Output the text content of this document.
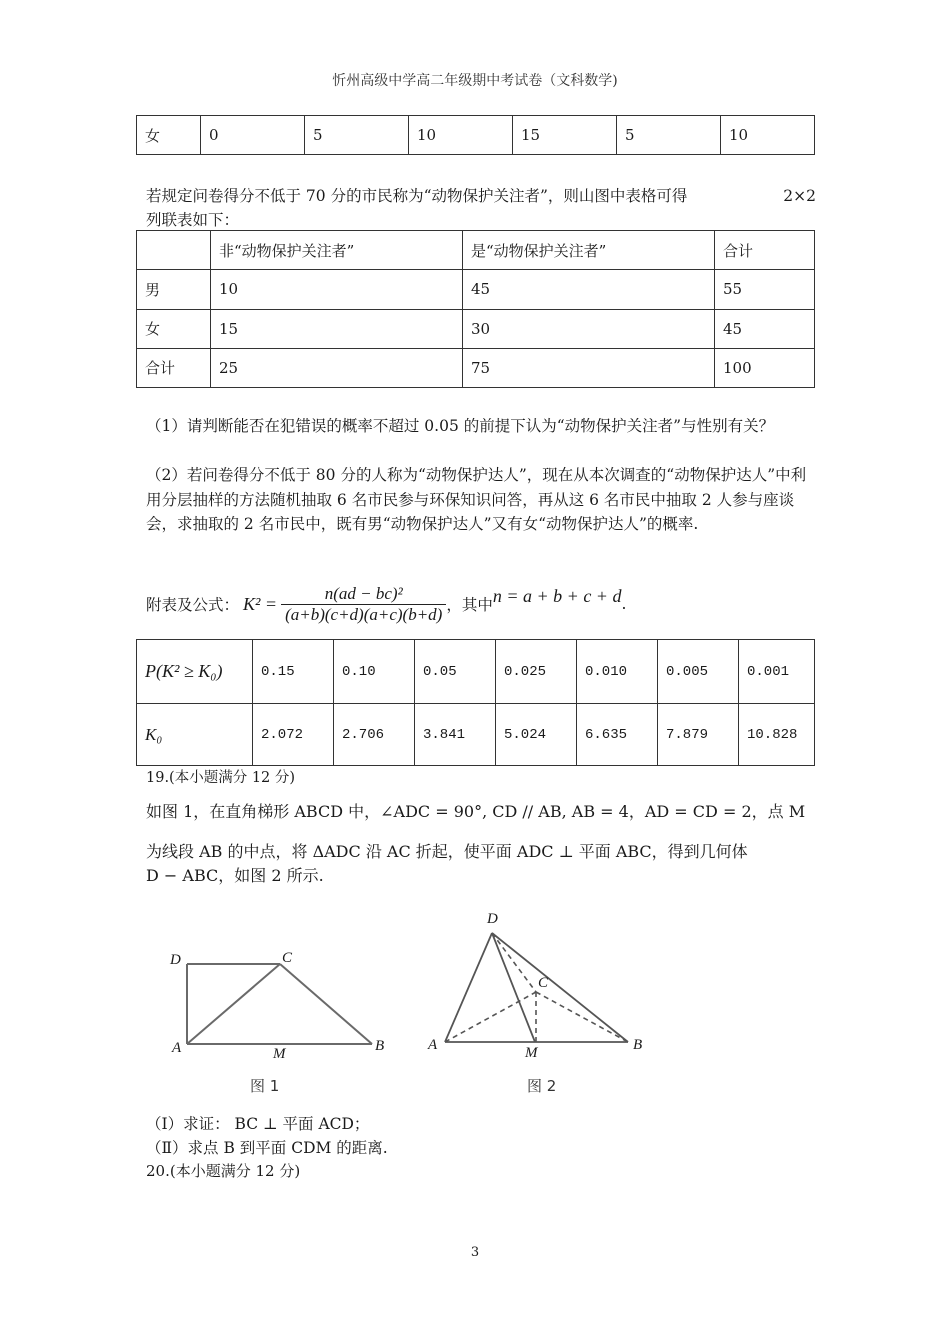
忻州高级中学高二年级期中考试卷（文科数学)
女	0	5	10	15	5	10
若规定问卷得分不低于 70 分的市民称为“动物保护关注者”，则山图中表格可得	2×2

列联表如下：
	非“动物保护关注者”	是“动物保护关注者”	合计
男	10	45	55
女	15	30	45
合计	25	75	100
（1）请判断能否在犯错误的概率不超过 0.05 的前提下认为“动物保护关注者”与性别有关？
（2）若问卷得分不低于 80 分的人称为“动物保护达人”，现在从本次调查的“动物保护达人”中利用分层抽样的方法随机抽取 6 名市民参与环保知识问答，再从这 6 名市民中抽取 2 人参与座谈会，求抽取的 2 名市民中，既有男“动物保护达人”又有女“动物保护达人”的概率.
附表及公式： $K^2 = \frac{\text{n(ad − bc)²}}{(a+b)(c+d)(a+c)(b+d)}$ ，其中 n = a + b + c + d .
P(K² ≥ K₀)	0.15	0.10	0.05	0.025	0.010	0.005	0.001
K₀	2.072	2.706	3.841	5.024	6.635	7.879	10.828
19.(本小题满分 12 分)
如图 1，在直角梯形 ABCD 中，∠ADC = 90°, CD // AB, AB = 4，AD = CD = 2，点 M
为线段 AB 的中点，将 ΔADC 沿 AC 折起，使平面 ADC ⊥ 平面 ABC，得到几何体
D − ABC，如图 2 所示.
D	C
A	M	B
图 1
D
C
A	M	B
图 2
（Ⅰ）求证： BC ⊥ 平面 ACD；
（Ⅱ）求点 B 到平面 CDM 的距离.
20.(本小题满分 12 分)
3
